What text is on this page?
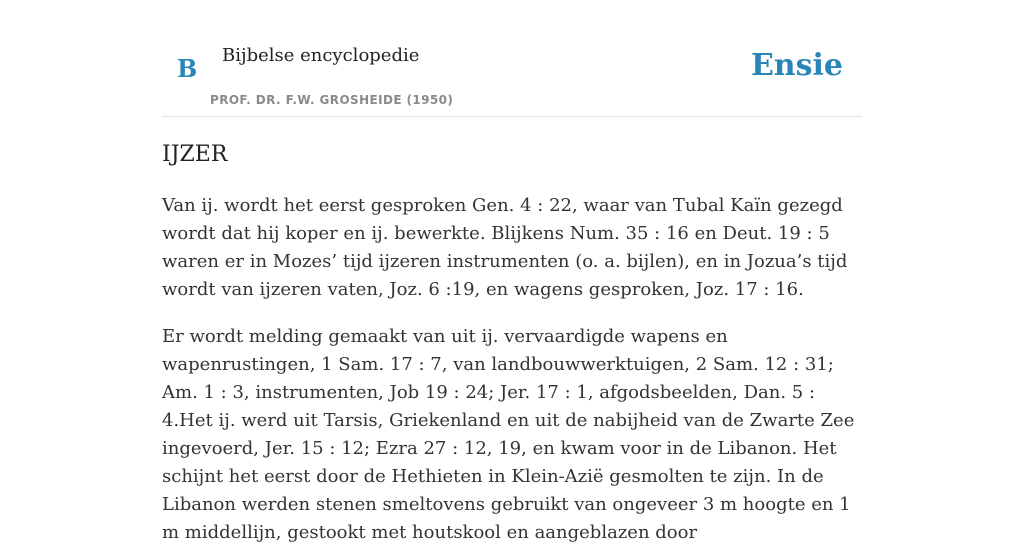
B Bijbelse encyclopedie
PROF. DR. F.W. GROSHEIDE (1950)
Ensie
IJZER

Van ij. wordt het eerst gesproken Gen. 4 : 22, waar van Tubal Kaïn gezegd wordt dat hij koper en ij. bewerkte. Blijkens Num. 35 : 16 en Deut. 19 : 5 waren er in Mozes’ tijd ijzeren instrumenten (o. a. bijlen), en in Jozua’s tijd wordt van ijzeren vaten, Joz. 6 :19, en wagens gesproken, Joz. 17 : 16.

Er wordt melding gemaakt van uit ij. vervaardigde wapens en wapenrustingen, 1 Sam. 17 : 7, van landbouwwerktuigen, 2 Sam. 12 : 31; Am. 1 : 3, instrumenten, Job 19 : 24; Jer. 17 : 1, afgodsbeelden, Dan. 5 : 4.Het ij. werd uit Tarsis, Griekenland en uit de nabijheid van de Zwarte Zee ingevoerd, Jer. 15 : 12; Ezra 27 : 12, 19, en kwam voor in de Libanon. Het schijnt het eerst door de Hethieten in Klein-Azië gesmolten te zijn. In de Libanon werden stenen smeltovens gebruikt van ongeveer 3 m hoogte en 1 m middellijn, gestookt met houtskool en aangeblazen door
